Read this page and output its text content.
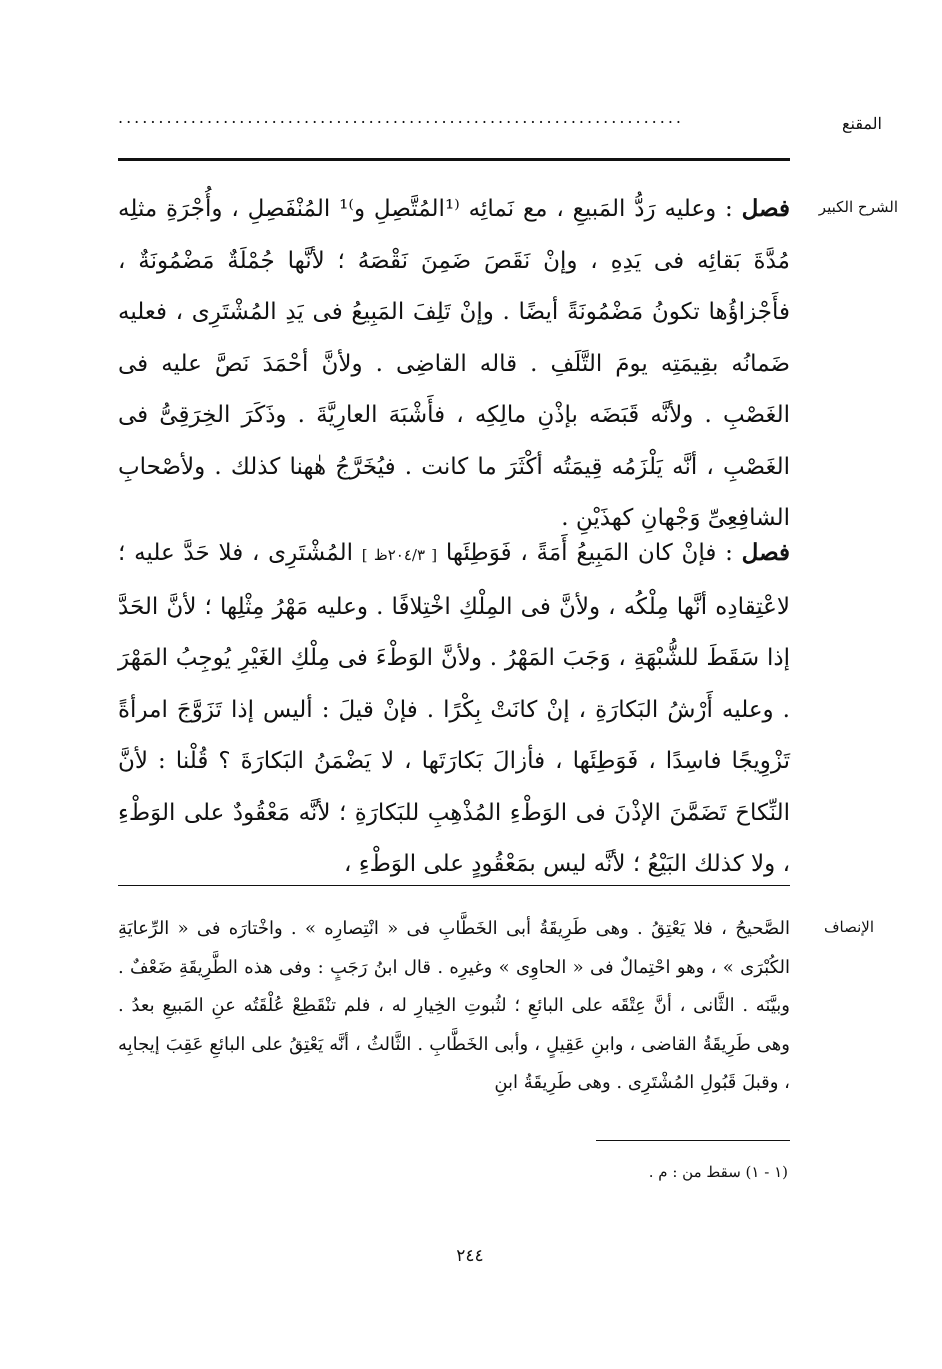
المقنع
......................................................................
الشرح الكبير

فصل : وعليه رَدُّ المَبيعِ ، مع نَمائِه ⁽¹المُتَّصِلِ و⁾¹ المُنْفَصِلِ ، وأُجْرَةِ مثلِه مُدَّةَ بَقائِه فى يَدِهِ ، وإنْ نَقَصَ ضَمِنَ نَقْصَهُ ؛ لأنَّها جُمْلَةٌ مَضْمُونَةٌ ، فأَجْزاؤُها تكونُ مَضْمُونَةً أيضًا . وإنْ تَلِفَ المَبِيعُ فى يَدِ المُشْتَرِى ، فعليه ضَمانُه بقِيمَتِه يومَ التَّلَفِ . قاله القاضِى . ولأنَّ أحْمَدَ نَصَّ عليه فى الغَصْبِ . ولأنَّه قَبَضَه بإذْنِ مالِكِه ، فأَشْبَهَ العارِيَّةَ . وذَكَرَ الخِرَقِىُّ فى الغَصْبِ ، أنَّه يَلْزَمُه قِيمَتُه أكْثَرَ ما كانت . فيُخَرَّجُ هٰهنا كذلك . ولأصْحابِ الشافِعِىِّ وَجْهانِ كهذَيْنِ .

فصل : فإنْ كان المَبِيعُ أَمَةً ، فَوَطِئَها [ ٢٠٤/٣ظ ] المُشْتَرِى ، فلا حَدَّ عليه ؛ لاعْتِقادِه أنَّها مِلْكُه ، ولأنَّ فى المِلْكِ اخْتِلافًا . وعليه مَهْرُ مِثْلِها ؛ لأنَّ الحَدَّ إذا سَقَطَ للشُّبْهَةِ ، وَجَبَ المَهْرُ . ولأنَّ الوَطْءَ فى مِلْكِ الغَيْرِ يُوجِبُ المَهْرَ . وعليه أَرْشُ البَكارَةِ ، إنْ كانَتْ بِكْرًا . فإنْ قيلَ : أليس إذا تَزَوَّجَ امرأةً تَزْوِيجًا فاسِدًا ، فَوَطِئَها ، فأزالَ بَكارَتَها ، لا يَضْمَنُ البَكارَةَ ؟ قُلْنا : لأنَّ النِّكاحَ تَضَمَّنَ الإذْنَ فى الوَطْءِ المُذْهِبِ للبَكارَةِ ؛ لأنَّه مَعْقُودٌ على الوَطْءِ ، ولا كذلك البَيْعُ ؛ لأنَّه ليس بمَعْقُودٍ على الوَطْءِ ،

الإنصاف

الصَّحيحُ ، فلا يَعْتِقُ . وهى طَرِيقَةُ أبى الخَطَّابِ فى « انْتِصارِه » . واخْتارَه فى « الرِّعايَةِ الكُبْرَى » ، وهو احْتِمالٌ فى « الحاوِى » وغيرِه . قال ابنُ رَجَبٍ : وفى هذه الطَّرِيقَةِ ضَعْفٌ . وبيَّنَه . الثَّانى ، أنَّ عِتْقَه على البائعِ ؛ لثُبوتِ الخِيارِ له ، فلم تنْقَطِعْ عُلْقَتُه عنِ المَبيعِ بعدُ . وهى طَرِيقَةُ القاضى ، وابنِ عَقِيلٍ ، وأبى الخَطَّابِ . الثَّالثُ ، أنَّه يَعْتِقُ على البائعِ عَقِبَ إيجابِه ، وقبلَ قَبُولِ المُشْتَرِى . وهى طَرِيقَةُ ابنِ

(١ - ١) سقط من : م .
٢٤٤
